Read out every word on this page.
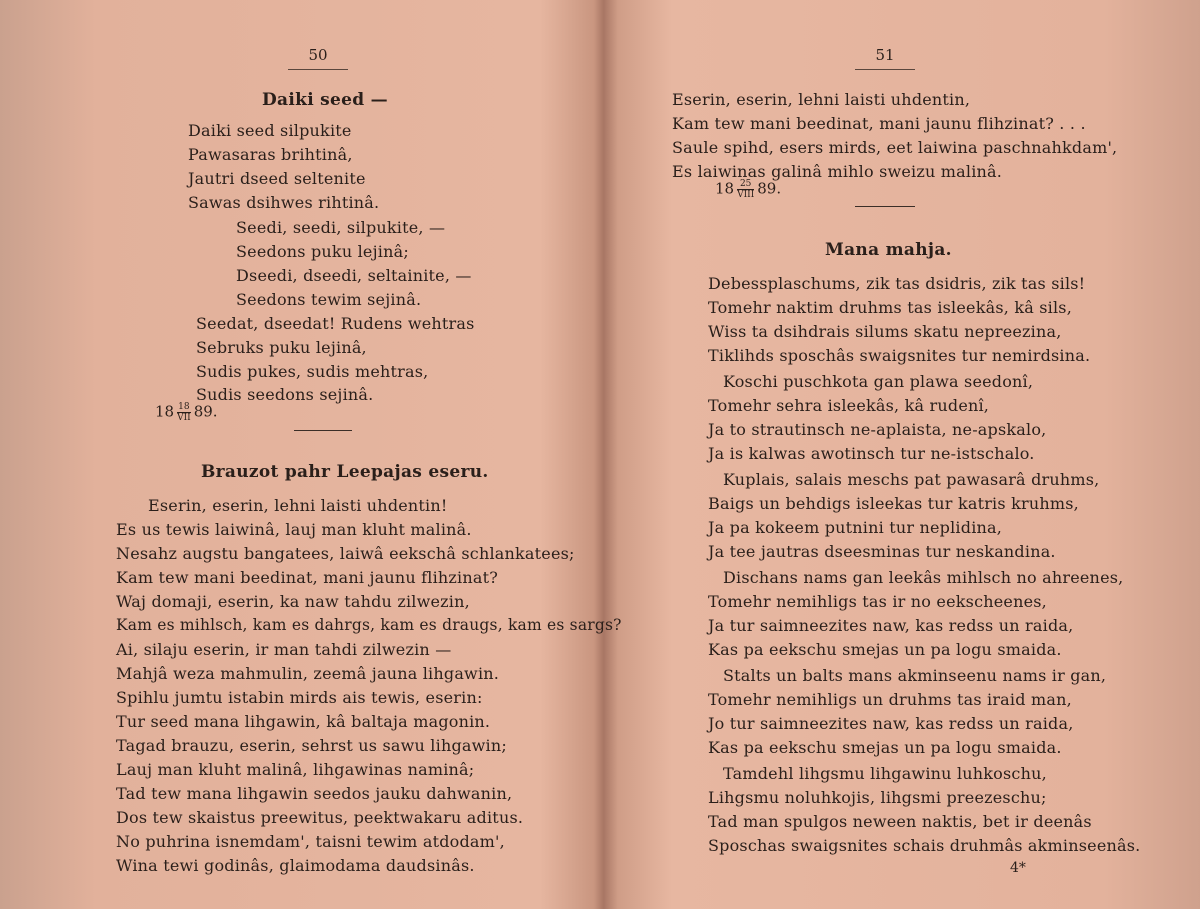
50
Daiki seed —
Daiki seed silpukite
Pawasaras brihtinâ,
Jautri dseed seltenite
Sawas dsihwes rihtinâ.
Seedi, seedi, silpukite, —
Seedons puku lejinâ;
Dseedi, dseedi, seltainite, —
Seedons tewim sejinâ.
Seedat, dseedat! Rudens wehtras
Sebruks puku lejinâ,
Sudis pukes, sudis mehtras,
Sudis seedons sejinâ.
$18 \frac{18}{\text{VII}} 89$.
Brauzot pahr Leepajas eseru.
Eserin, eserin, lehni laisti uhdentin!
Es us tewis laiwinâ, lauj man kluht malinâ.
Nesahz augstu bangatees, laiwâ eekschâ schlankatees;
Kam tew mani beedinat, mani jaunu flihzinat?
Waj domaji, eserin, ka naw tahdu zilwezin,
Kam es mihlsch, kam es dahrgs, kam es draugs, kam es sargs?
Ai, silaju eserin, ir man tahdi zilwezin —
Mahjâ weza mahmulin, zeemâ jauna lihgawin.
Spihlu jumtu istabin mirds ais tewis, eserin:
Tur seed mana lihgawin, kâ baltaja magonin.
Tagad brauzu, eserin, sehrst us sawu lihgawin;
Lauj man kluht malinâ, lihgawinas naminâ;
Tad tew mana lihgawin seedos jauku dahwanin,
Dos tew skaistus preewitus, peektwakaru aditus.
No puhrina isnemdam', taisni tewim atdodam',
Wina tewi godinâs, glaimodama daudsinâs.
51
Eserin, eserin, lehni laisti uhdentin,
Kam tew mani beedinat, mani jaunu flihzinat? . . .
Saule spihd, esers mirds, eet laiwina paschnahkdam',
Es laiwinas galinâ mihlo sweizu malinâ.
$18 \frac{25}{\text{VIII}} 89$.
Mana mahja.
Debessplaschums, zik tas dsidris, zik tas sils!
Tomehr naktim druhms tas isleekâs, kâ sils,
Wiss ta dsihdrais silums skatu nepreezina,
Tiklihds sposchâs swaigsnites tur nemirdsina.
Koschi puschkota gan plawa seedonî,
Tomehr sehra isleekâs, kâ rudenî,
Ja to strautinsch ne-aplaista, ne-apskalo,
Ja is kalwas awotinsch tur ne-istschalo.
Kuplais, salais meschs pat pawasarâ druhms,
Baigs un behdigs isleekas tur katris kruhms,
Ja pa kokeem putnini tur neplidina,
Ja tee jautras dseesminas tur neskandina.
Dischans nams gan leekâs mihlsch no ahreenes,
Tomehr nemihligs tas ir no eekscheenes,
Ja tur saimneezites naw, kas redss un raida,
Kas pa eekschu smejas un pa logu smaida.
Stalts un balts mans akminseenu nams ir gan,
Tomehr nemihligs un druhms tas iraid man,
Jo tur saimneezites naw, kas redss un raida,
Kas pa eekschu smejas un pa logu smaida.
Tamdehl lihgsmu lihgawinu luhkoschu,
Lihgsmu noluhkojis, lihgsmi preezeschu;
Tad man spulgos neween naktis, bet ir deenâs
Sposchas swaigsnites schais druhmâs akminseenâs.
4*
